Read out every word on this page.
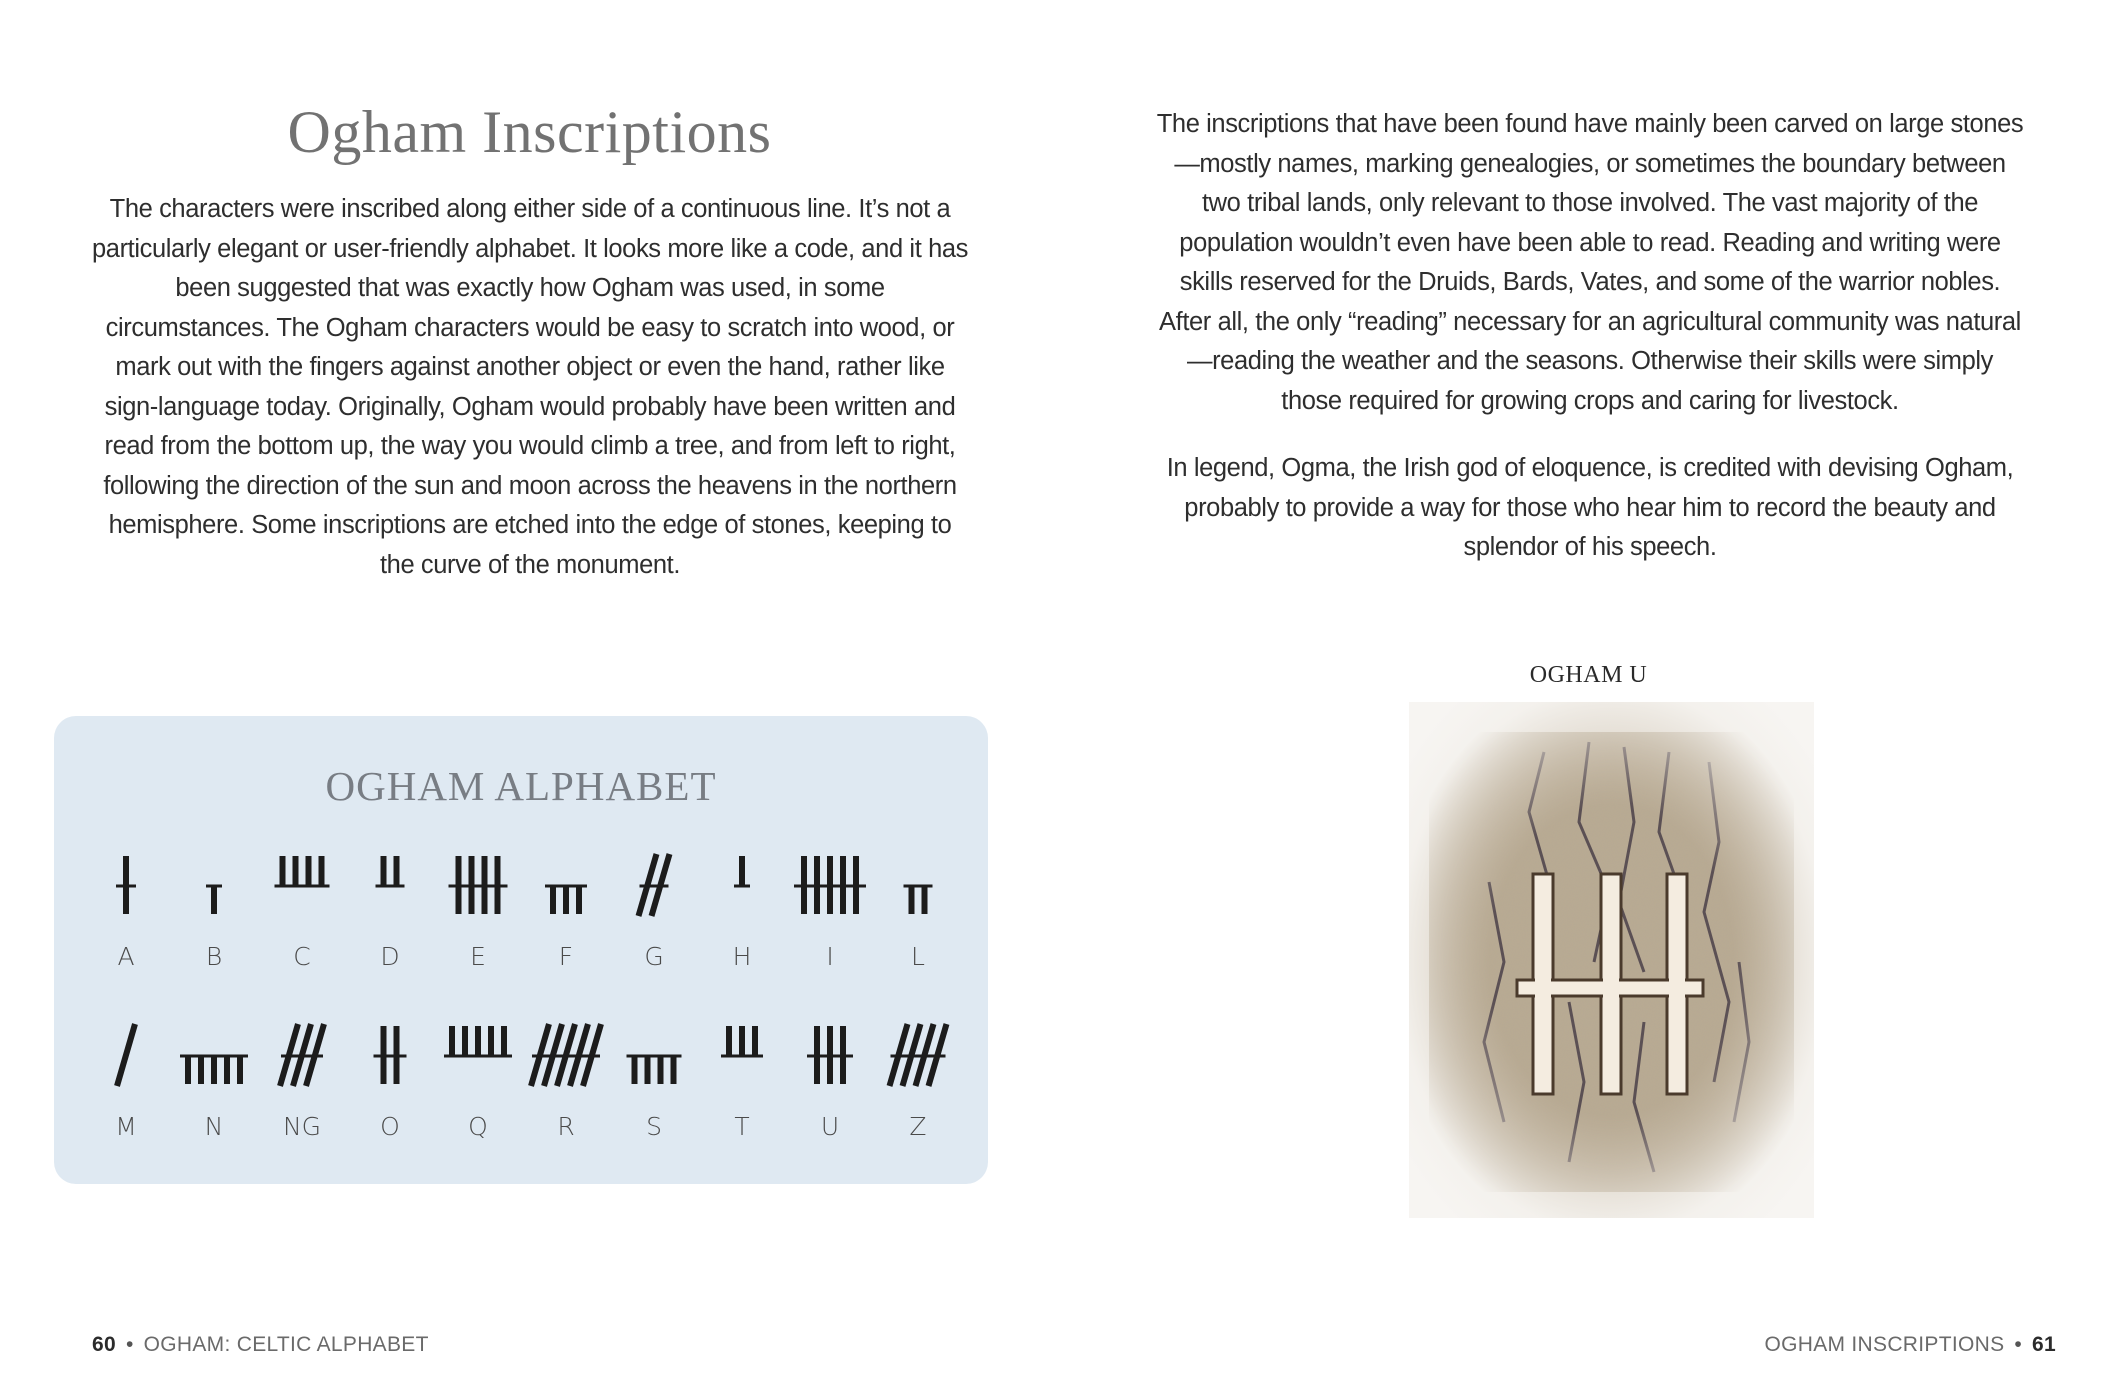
Ogham Inscriptions

The characters were inscribed along either side of a continuous line. It’s not a particularly elegant or user-friendly alphabet. It looks more like a code, and it has been suggested that was exactly how Ogham was used, in some circumstances. The Ogham characters would be easy to scratch into wood, or mark out with the fingers against another object or even the hand, rather like sign-language today. Originally, Ogham would probably have been written and read from the bottom up, the way you would climb a tree, and from left to right, following the direction of the sun and moon across the heavens in the northern hemisphere. Some inscriptions are etched into the edge of stones, keeping to the curve of the monument.

OGHAM ALPHABET
A	B	C	D	E	F	G	H	I	L
M	N	NG	O	Q	R	S	T	U	Z
60 • OGHAM: CELTIC ALPHABET

The inscriptions that have been found have mainly been carved on large stones—mostly names, marking genealogies, or sometimes the boundary between two tribal lands, only relevant to those involved. The vast majority of the population wouldn’t even have been able to read. Reading and writing were skills reserved for the Druids, Bards, Vates, and some of the warrior nobles. After all, the only “reading” necessary for an agricultural community was natural—reading the weather and the seasons. Otherwise their skills were simply those required for growing crops and caring for livestock.

In legend, Ogma, the Irish god of eloquence, is credited with devising Ogham, probably to provide a way for those who hear him to record the beauty and splendor of his speech.

OGHAM U
OGHAM INSCRIPTIONS • 61
